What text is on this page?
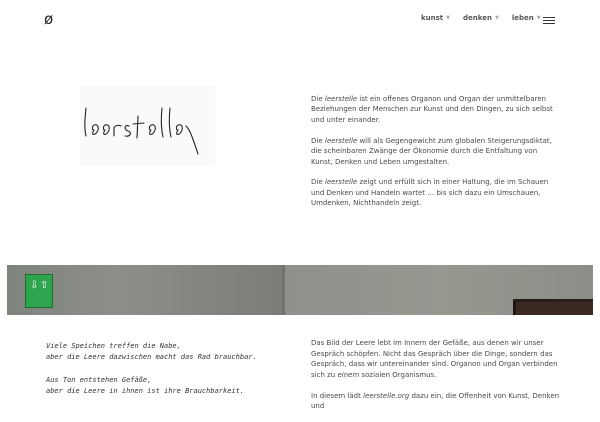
ø	kunst ▼ denken ▼ leben ▼

Die leerstelle ist ein offenes Organon und Organ der unmittelbaren Beziehungen der Menschen zur Kunst und den Dingen, zu sich selbst und unter einander.

Die leerstelle will als Gegengewicht zum globalen Steigerungsdiktat, die scheinbaren Zwänge der Ökonomie durch die Entfaltung von Kunst, Denken und Leben umgestalten.

Die leerstelle zeigt und erfüllt sich in einer Haltung, die im Schauen und Denken und Handeln wartet … bis sich dazu ein Umschauen, Umdenken, Nichthandeln zeigt.

⇩ ⇧

Viele Speichen treffen die Nabe,
aber die Leere dazwischen macht das Rad brauchbar.

Aus Ton entstehen Gefäße,
aber die Leere in ihnen ist ihre Brauchbarkeit.

Das Bild der Leere lebt im Innern der Gefäße, aus denen wir unser Gespräch schöpfen. Nicht das Gespräch über die Dinge, sondern das Gespräch, dass wir untereinander sind. Organon und Organ verbinden sich zu einem sozialen Organismus.

In diesem lädt leerstelle.org dazu ein, die Offenheit von Kunst, Denken und
